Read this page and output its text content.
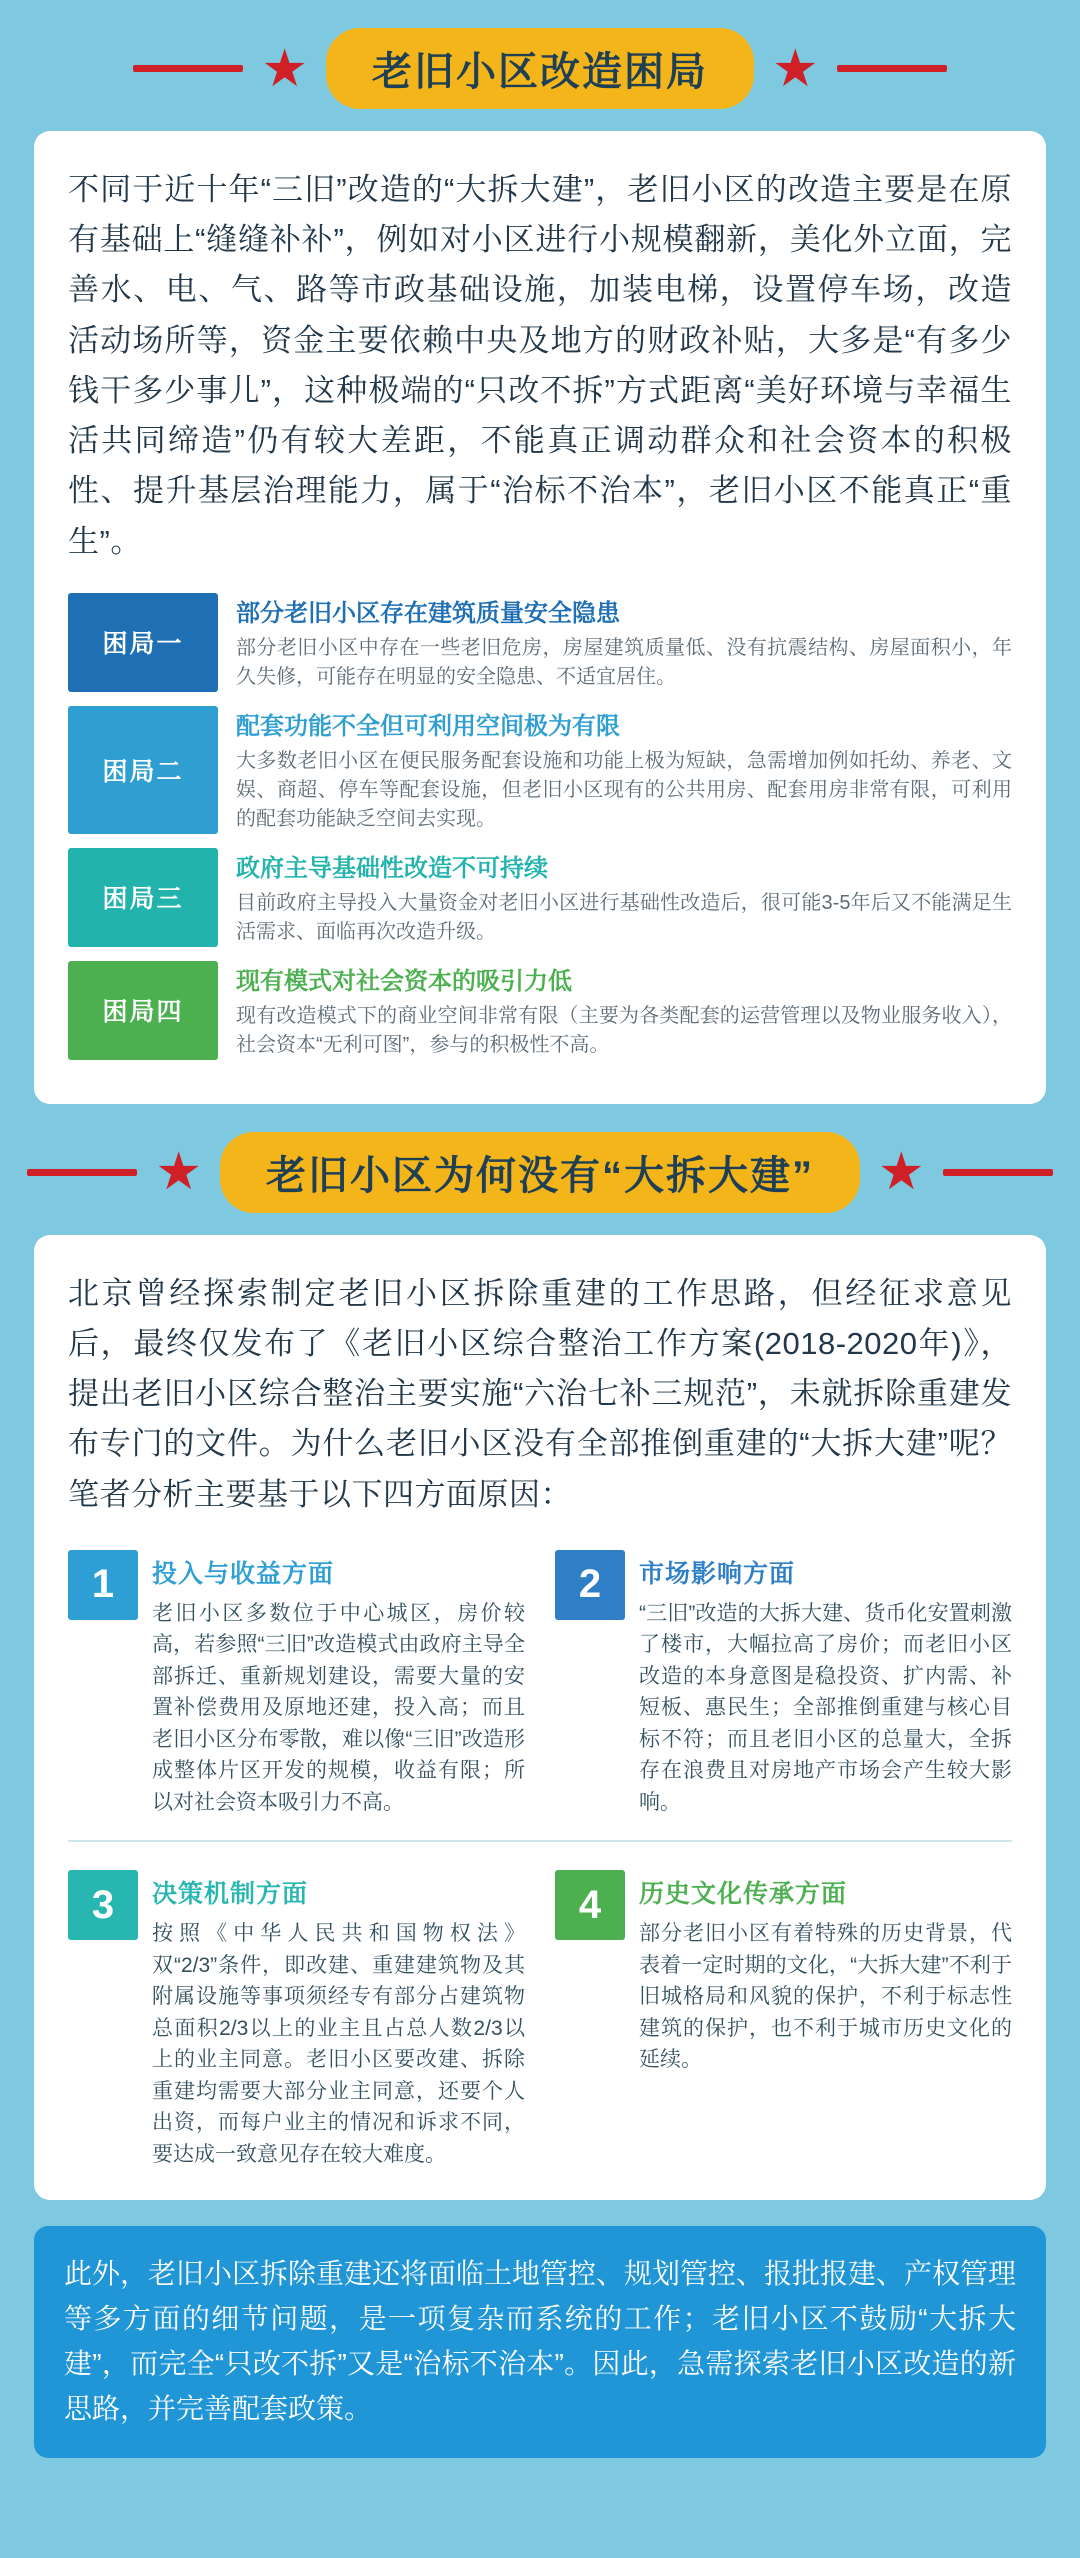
★	老旧小区改造困局	★
不同于近十年“三旧”改造的“大拆大建”，老旧小区的改造主要是在原有基础上“缝缝补补”，例如对小区进行小规模翻新，美化外立面，完善水、电、气、路等市政基础设施，加装电梯，设置停车场，改造活动场所等，资金主要依赖中央及地方的财政补贴，大多是“有多少钱干多少事儿”，这种极端的“只改不拆”方式距离“美好环境与幸福生活共同缔造”仍有较大差距，不能真正调动群众和社会资本的积极性、提升基层治理能力，属于“治标不治本”，老旧小区不能真正“重生”。
困局一
部分老旧小区存在建筑质量安全隐患
部分老旧小区中存在一些老旧危房，房屋建筑质量低、没有抗震结构、房屋面积小，年久失修，可能存在明显的安全隐患、不适宜居住。
困局二
配套功能不全但可利用空间极为有限
大多数老旧小区在便民服务配套设施和功能上极为短缺，急需增加例如托幼、养老、文娱、商超、停车等配套设施，但老旧小区现有的公共用房、配套用房非常有限，可利用的配套功能缺乏空间去实现。
困局三
政府主导基础性改造不可持续
目前政府主导投入大量资金对老旧小区进行基础性改造后，很可能3-5年后又不能满足生活需求、面临再次改造升级。
困局四
现有模式对社会资本的吸引力低
现有改造模式下的商业空间非常有限（主要为各类配套的运营管理以及物业服务收入），社会资本“无利可图”，参与的积极性不高。
★	老旧小区为何没有“大拆大建”	★
北京曾经探索制定老旧小区拆除重建的工作思路，但经征求意见后，最终仅发布了《老旧小区综合整治工作方案(2018-2020年)》，提出老旧小区综合整治主要实施“六治七补三规范”，未就拆除重建发布专门的文件。为什么老旧小区没有全部推倒重建的“大拆大建”呢？笔者分析主要基于以下四方面原因：
1	投入与收益方面
老旧小区多数位于中心城区，房价较高，若参照“三旧”改造模式由政府主导全部拆迁、重新规划建设，需要大量的安置补偿费用及原地还建，投入高；而且老旧小区分布零散，难以像“三旧”改造形成整体片区开发的规模，收益有限；所以对社会资本吸引力不高。
2	市场影响方面
“三旧”改造的大拆大建、货币化安置刺激了楼市，大幅拉高了房价；而老旧小区改造的本身意图是稳投资、扩内需、补短板、惠民生；全部推倒重建与核心目标不符；而且老旧小区的总量大，全拆存在浪费且对房地产市场会产生较大影响。
3	决策机制方面
按照《中华人民共和国物权法》双“2/3”条件，即改建、重建建筑物及其附属设施等事项须经专有部分占建筑物总面积2/3以上的业主且占总人数2/3以上的业主同意。老旧小区要改建、拆除重建均需要大部分业主同意，还要个人出资，而每户业主的情况和诉求不同，要达成一致意见存在较大难度。
4	历史文化传承方面
部分老旧小区有着特殊的历史背景，代表着一定时期的文化，“大拆大建”不利于旧城格局和风貌的保护，不利于标志性建筑的保护，也不利于城市历史文化的延续。
此外，老旧小区拆除重建还将面临土地管控、规划管控、报批报建、产权管理等多方面的细节问题，是一项复杂而系统的工作；老旧小区不鼓励“大拆大建”，而完全“只改不拆”又是“治标不治本”。因此，急需探索老旧小区改造的新思路，并完善配套政策。
